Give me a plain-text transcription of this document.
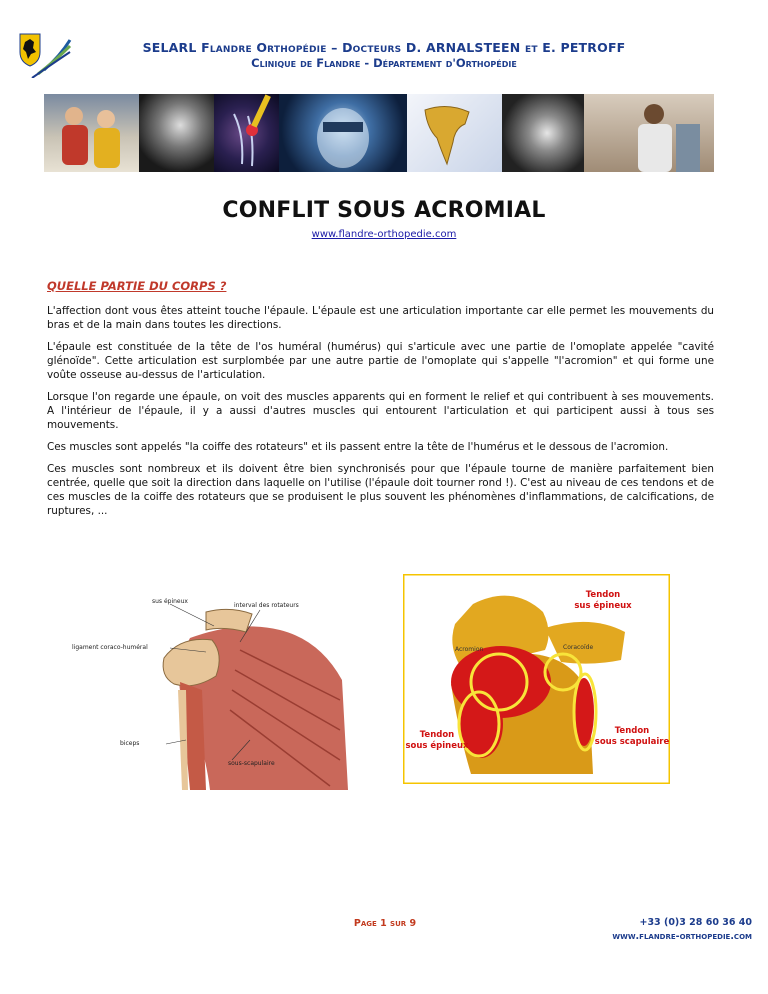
SELARL Flandre Orthopédie – Docteurs D. ARNALSTEEN et E. PETROFF
Clinique de Flandre - Département d'Orthopédie
CONFLIT SOUS ACROMIAL
www.flandre-orthopedie.com
QUELLE PARTIE DU CORPS ?

L'affection dont vous êtes atteint touche l'épaule. L'épaule est une articulation importante car elle permet les mouvements du bras et de la main dans toutes les directions.

L'épaule est constituée de la tête de l'os huméral (humérus) qui s'articule avec une partie de l'omoplate appelée "cavité glénoïde". Cette articulation est surplombée par une autre partie de l'omoplate qui s'appelle "l'acromion" et qui forme une voûte osseuse au-dessus de l'articulation.

Lorsque l'on regarde une épaule, on voit des muscles apparents qui en forment le relief et qui contribuent à ses mouvements. A l'intérieur de l'épaule, il y a aussi d'autres muscles qui entourent l'articulation et qui participent aussi à tous ses mouvements.

Ces muscles sont appelés "la coiffe des rotateurs" et ils passent entre la tête de l'humérus et le dessous de l'acromion.

Ces muscles sont nombreux et ils doivent être bien synchronisés pour que l'épaule tourne de manière parfaitement bien centrée, quelle que soit la direction dans laquelle on l'utilise (l'épaule doit tourner rond !). C'est au niveau de ces tendons et de ces muscles de la coiffe des rotateurs que se produisent le plus souvent les phénomènes d'inflammations, de calcifications, de ruptures, ...

sus épineux
interval des rotateurs
ligament coraco-huméral
biceps
sous-scapulaire
Tendon
sus épineux
Tendon
sous épineux
Tendon
sous scapulaire
Acromion	Coracoïde
Page 1 sur 9	+33 (0)3 28 60 36 40
www.flandre-orthopedie.com
